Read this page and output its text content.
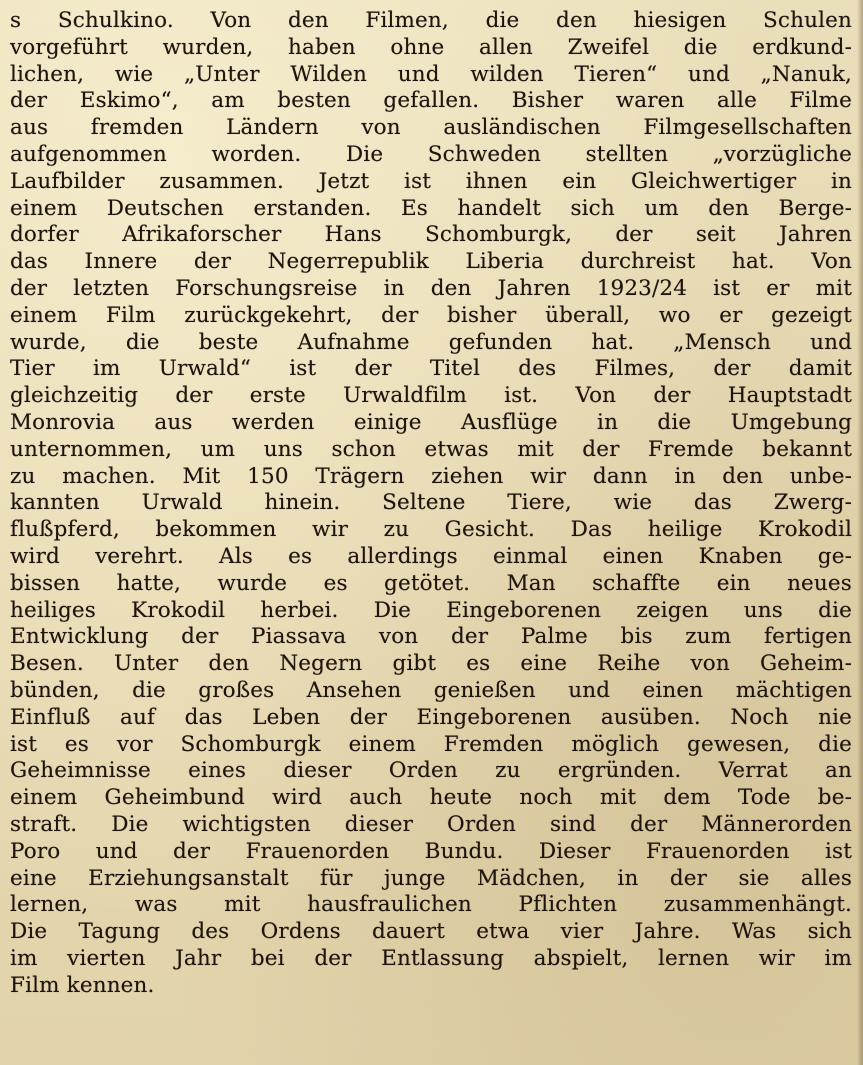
s Schulkino. Von den Filmen, die den hiesigen Schulen
vorgeführt wurden, haben ohne allen Zweifel die erdkund-
lichen, wie „Unter Wilden und wilden Tieren“ und „Nanuk,
der Eskimo“, am besten gefallen. Bisher waren alle Filme
aus fremden Ländern von ausländischen Filmgesellschaften
aufgenommen worden. Die Schweden stellten „vorzügliche
Laufbilder zusammen. Jetzt ist ihnen ein Gleichwertiger in
einem Deutschen erstanden. Es handelt sich um den Berge-
dorfer Afrikaforscher Hans Schomburgk, der seit Jahren
das Innere der Negerrepublik Liberia durchreist hat. Von
der letzten Forschungsreise in den Jahren 1923/24 ist er mit
einem Film zurückgekehrt, der bisher überall, wo er gezeigt
wurde, die beste Aufnahme gefunden hat. „Mensch und
Tier im Urwald“ ist der Titel des Filmes, der damit
gleichzeitig der erste Urwaldfilm ist. Von der Hauptstadt
Monrovia aus werden einige Ausflüge in die Umgebung
unternommen, um uns schon etwas mit der Fremde bekannt
zu machen. Mit 150 Trägern ziehen wir dann in den unbe-
kannten Urwald hinein. Seltene Tiere, wie das Zwerg-
flußpferd, bekommen wir zu Gesicht. Das heilige Krokodil
wird verehrt. Als es allerdings einmal einen Knaben ge-
bissen hatte, wurde es getötet. Man schaffte ein neues
heiliges Krokodil herbei. Die Eingeborenen zeigen uns die
Entwicklung der Piassava von der Palme bis zum fertigen
Besen. Unter den Negern gibt es eine Reihe von Geheim-
bünden, die großes Ansehen genießen und einen mächtigen
Einfluß auf das Leben der Eingeborenen ausüben. Noch nie
ist es vor Schomburgk einem Fremden möglich gewesen, die
Geheimnisse eines dieser Orden zu ergründen. Verrat an
einem Geheimbund wird auch heute noch mit dem Tode be-
straft. Die wichtigsten dieser Orden sind der Männerorden
Poro und der Frauenorden Bundu. Dieser Frauenorden ist
eine Erziehungsanstalt für junge Mädchen, in der sie alles
lernen, was mit hausfraulichen Pflichten zusammenhängt.
Die Tagung des Ordens dauert etwa vier Jahre. Was sich
im vierten Jahr bei der Entlassung abspielt, lernen wir im
Film kennen.
